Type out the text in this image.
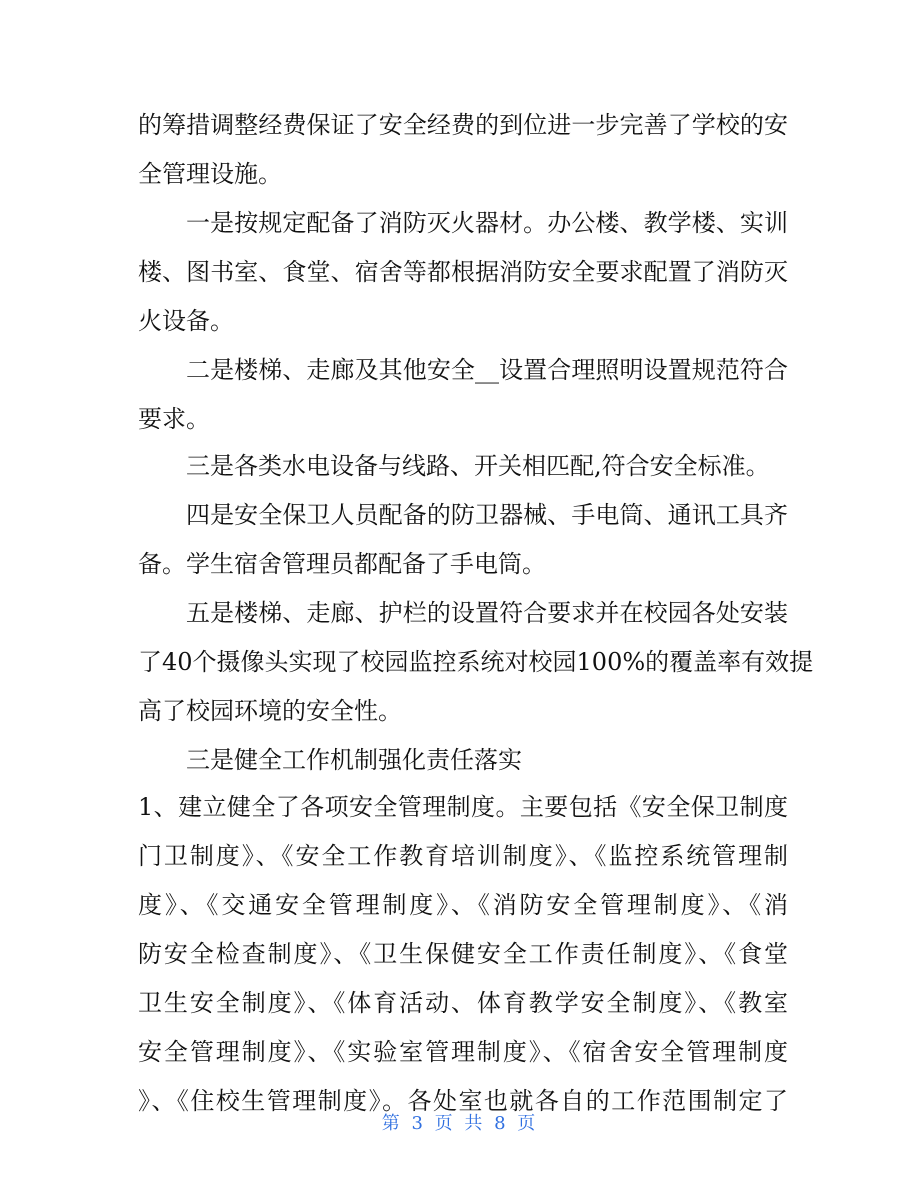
的筹措调整经费保证了安全经费的到位进一步完善了学校的安
全管理设施。
一是按规定配备了消防灭火器材。办公楼、教学楼、实训
楼、图书室、食堂、宿舍等都根据消防安全要求配置了消防灭
火设备。
二是楼梯、走廊及其他安全__设置合理照明设置规范符合
要求。
三是各类水电设备与线路、开关相匹配,符合安全标准。
四是安全保卫人员配备的防卫器械、手电筒、通讯工具齐
备。学生宿舍管理员都配备了手电筒。
五是楼梯、走廊、护栏的设置符合要求并在校园各处安装
了40个摄像头实现了校园监控系统对校园100%的覆盖率有效提
高了校园环境的安全性。
三是健全工作机制强化责任落实
1、建立健全了各项安全管理制度。主要包括《安全保卫制度
门卫制度》、《安全工作教育培训制度》、《监控系统管理制
度》、《交通安全管理制度》、《消防安全管理制度》、《消
防安全检查制度》、《卫生保健安全工作责任制度》、《食堂
卫生安全制度》、《体育活动、体育教学安全制度》、《教室
安全管理制度》、《实验室管理制度》、《宿舍安全管理制度
》、《住校生管理制度》。各处室也就各自的工作范围制定了
第 3 页 共 8 页
